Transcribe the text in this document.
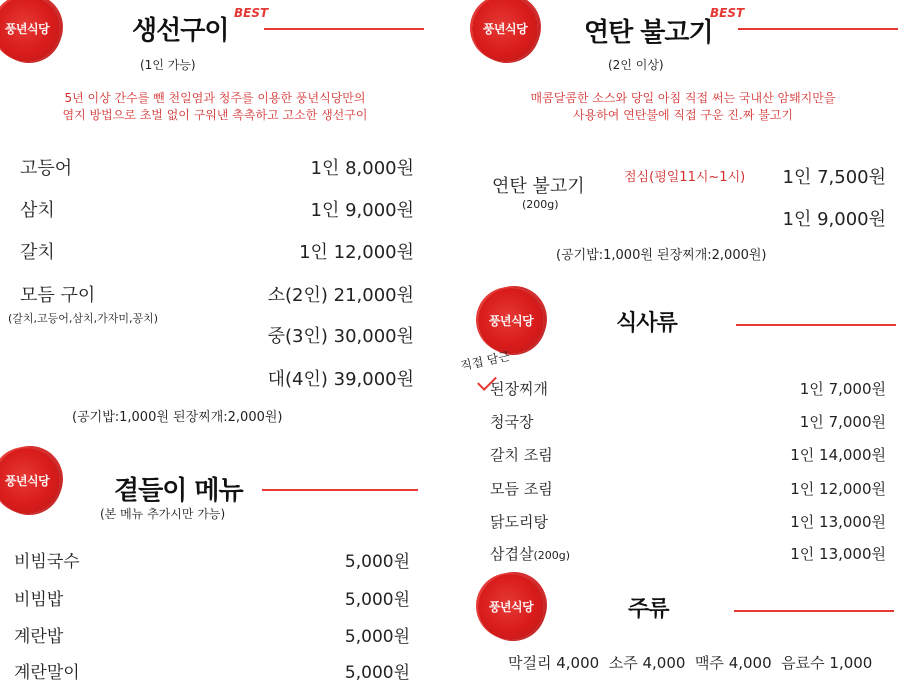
풍년식당	생선구이
BEST
(1인 가능)
5년 이상 간수를 뺀 천일염과 청주를 이용한 풍년식당만의
염지 방법으로 초벌 없이 구워낸 촉촉하고 고소한 생선구이
고등어	1인 8,000원
삼치	1인 9,000원
갈치	1인 12,000원
모듬 구이	소(2인) 21,000원
(갈치,고등어,삼치,가자미,꽁치)
중(3인) 30,000원
대(4인) 39,000원
(공기밥:1,000원 된장찌개:2,000원)
풍년식당	곁들이 메뉴
(본 메뉴 추가시만 가능)
비빔국수	5,000원
비빔밥	5,000원
계란밥	5,000원
계란말이	5,000원
풍년식당	연탄 불고기
BEST
(2인 이상)
매콤달콤한 소스와 당일 아침 직접 써는 국내산 암퇘지만을
사용하여 연탄불에 직접 구운 진.짜 불고기
연탄 불고기
(200g)
점심(평일11시~1시) 1인 7,500원
1인 9,000원
(공기밥:1,000원 된장찌개:2,000원)
풍년식당	식사류
직접 담근
된장찌개	1인 7,000원
청국장	1인 7,000원
갈치 조림	1인 14,000원
모듬 조림	1인 12,000원
닭도리탕	1인 13,000원
삼겹살(200g)	1인 13,000원
풍년식당	주류
막걸리 4,000  소주 4,000  맥주 4,000  음료수 1,000
